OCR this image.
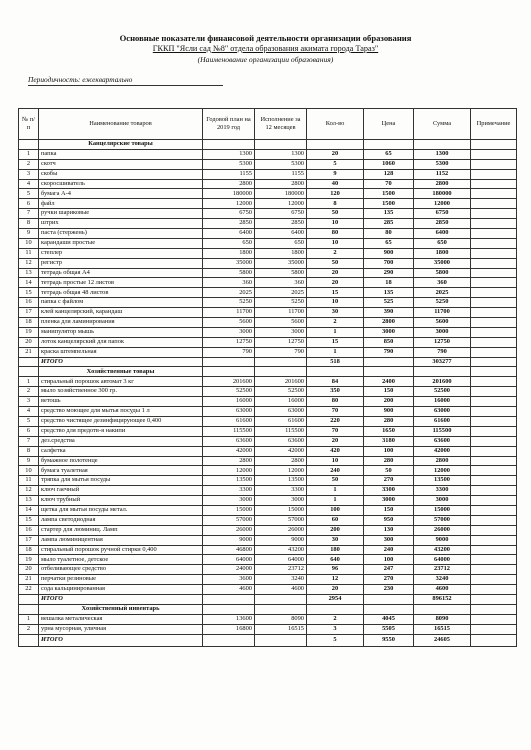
Основные показатели финансовой деятельности организации образования
ГККП "Ясли сад №8" отдела образования акимата города Тараз"
(Наименование организации образования)
Периодичность: ежеквартально
№ п/п	Наименование товаров	Годовой план на 2019 год	Исполнение за 12 месяцев	Кол-во	Цена	Сумма	Примечание
	Канцелярские товары						
1	папка	1300	1300	20	65	1300	
2	скотч	5300	5300	5	1060	5300	
3	скобы	1155	1155	9	128	1152	
4	скоросшиватель	2800	2800	40	70	2800	
5	бумага А-4	180000	180000	120	1500	180000	
6	файл	12000	12000	8	1500	12000	
7	ручки шариковые	6750	6750	50	135	6750	
8	штрих	2850	2850	10	285	2850	
9	паста (стержень)	6400	6400	80	80	6400	
10	карандаши простые	650	650	10	65	650	
11	степлер	1800	1800	2	900	1800	
12	регистр	35000	35000	50	700	35000	
13	тетрадь общая А4	5800	5800	20	290	5800	
14	тетрадь простые 12 листов	360	360	20	18	360	
15	тетрадь общая 48 листов	2025	2025	15	135	2025	
16	папка с файлом	5250	5250	10	525	5250	
17	клей канцелярский, карандаш	11700	11700	30	390	11700	
18	пленка для ламинирования	5600	5600	2	2800	5600	
19	манипулятор мышь	3000	3000	1	3000	3000	
20	лоток канцелярский для папок	12750	12750	15	850	12750	
21	краска штемпельная	790	790	1	790	790	
	ИТОГО			518		303277	
	Хозяйственные товары						
1	стиральный порошок автомат 3 кг	201600	201600	84	2400	201600	
2	мыло хозяйственное 300 гр.	52500	52500	350	150	52500	
3	ветошь	16000	16000	80	200	16000	
4	средство моющее для мытья посуды 1 л	63000	63000	70	900	63000	
5	средство чистящее дезинфицирующее 0,400	61600	61600	220	280	61600	
6	средство для предотв-я накипи	115500	115500	70	1650	115500	
7	дез.средства	63600	63600	20	3180	63600	
8	салфетка	42000	42000	420	100	42000	
9	бумажное полотенце	2800	2800	10	280	2800	
10	бумага туалетная	12000	12000	240	50	12000	
11	тряпка для мытья посуды	13500	13500	50	270	13500	
12	ключ гаечный	3300	3300	1	3300	3300	
13	ключ трубный	3000	3000	1	3000	3000	
14	щетка для мытья посуды метал.	15000	15000	100	150	15000	
15	лампа светодиодная	57000	57000	60	950	57000	
16	стартер для люминиц. Ламп	26000	26000	200	130	26000	
17	лампа люминицентная	9000	9000	30	300	9000	
18	стиральный порошок ручной стирки 0,400	46800	43200	180	240	43200	
19	мыло туалетное, детское	64000	64000	640	100	64000	
20	отбеливающее средство	24000	23712	96	247	23712	
21	перчатки резиновые	3600	3240	12	270	3240	
22	сода кальцинированная	4600	4600	20	230	4600	
	ИТОГО			2954		896152	
	Хозяйственный инвентарь						
1	вешалка металическая	13600	8090	2	4045	8090	
2	урна мусорная, уличная	16800	16515	3	5505	16515	
	ИТОГО			5	9550	24605	
